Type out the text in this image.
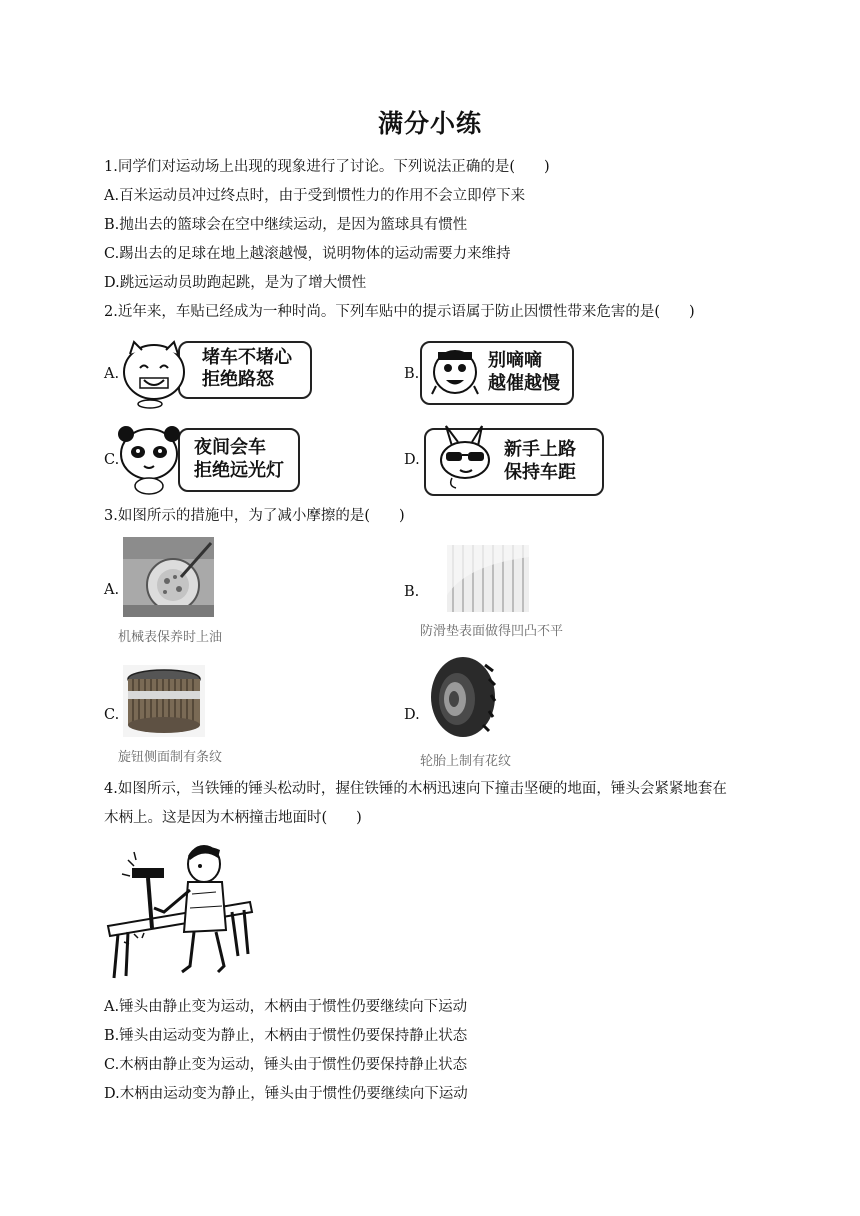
满分小练
1.同学们对运动场上出现的现象进行了讨论。下列说法正确的是(　　)
A.百米运动员冲过终点时，由于受到惯性力的作用不会立即停下来
B.抛出去的篮球会在空中继续运动，是因为篮球具有惯性
C.踢出去的足球在地上越滚越慢，说明物体的运动需要力来维持
D.跳远运动员助跑起跳，是为了增大惯性
2.近年来，车贴已经成为一种时尚。下列车贴中的提示语属于防止因惯性带来危害的是(　　)
A.
堵车不堵心
拒绝路怒	B.
别嘀嘀
越催越慢
C.
夜间会车
拒绝远光灯	D.	新手上路
保持车距
3.如图所示的措施中，为了减小摩擦的是(　　)
A.
机械表保养时上油
B.
防滑垫表面做得凹凸不平
C.
旋钮侧面制有条纹
D.
轮胎上制有花纹
4.如图所示，当铁锤的锤头松动时，握住铁锤的木柄迅速向下撞击坚硬的地面，锤头会紧紧地套在
木柄上。这是因为木柄撞击地面时(　　)
A.锤头由静止变为运动，木柄由于惯性仍要继续向下运动
B.锤头由运动变为静止，木柄由于惯性仍要保持静止状态
C.木柄由静止变为运动，锤头由于惯性仍要保持静止状态
D.木柄由运动变为静止，锤头由于惯性仍要继续向下运动
